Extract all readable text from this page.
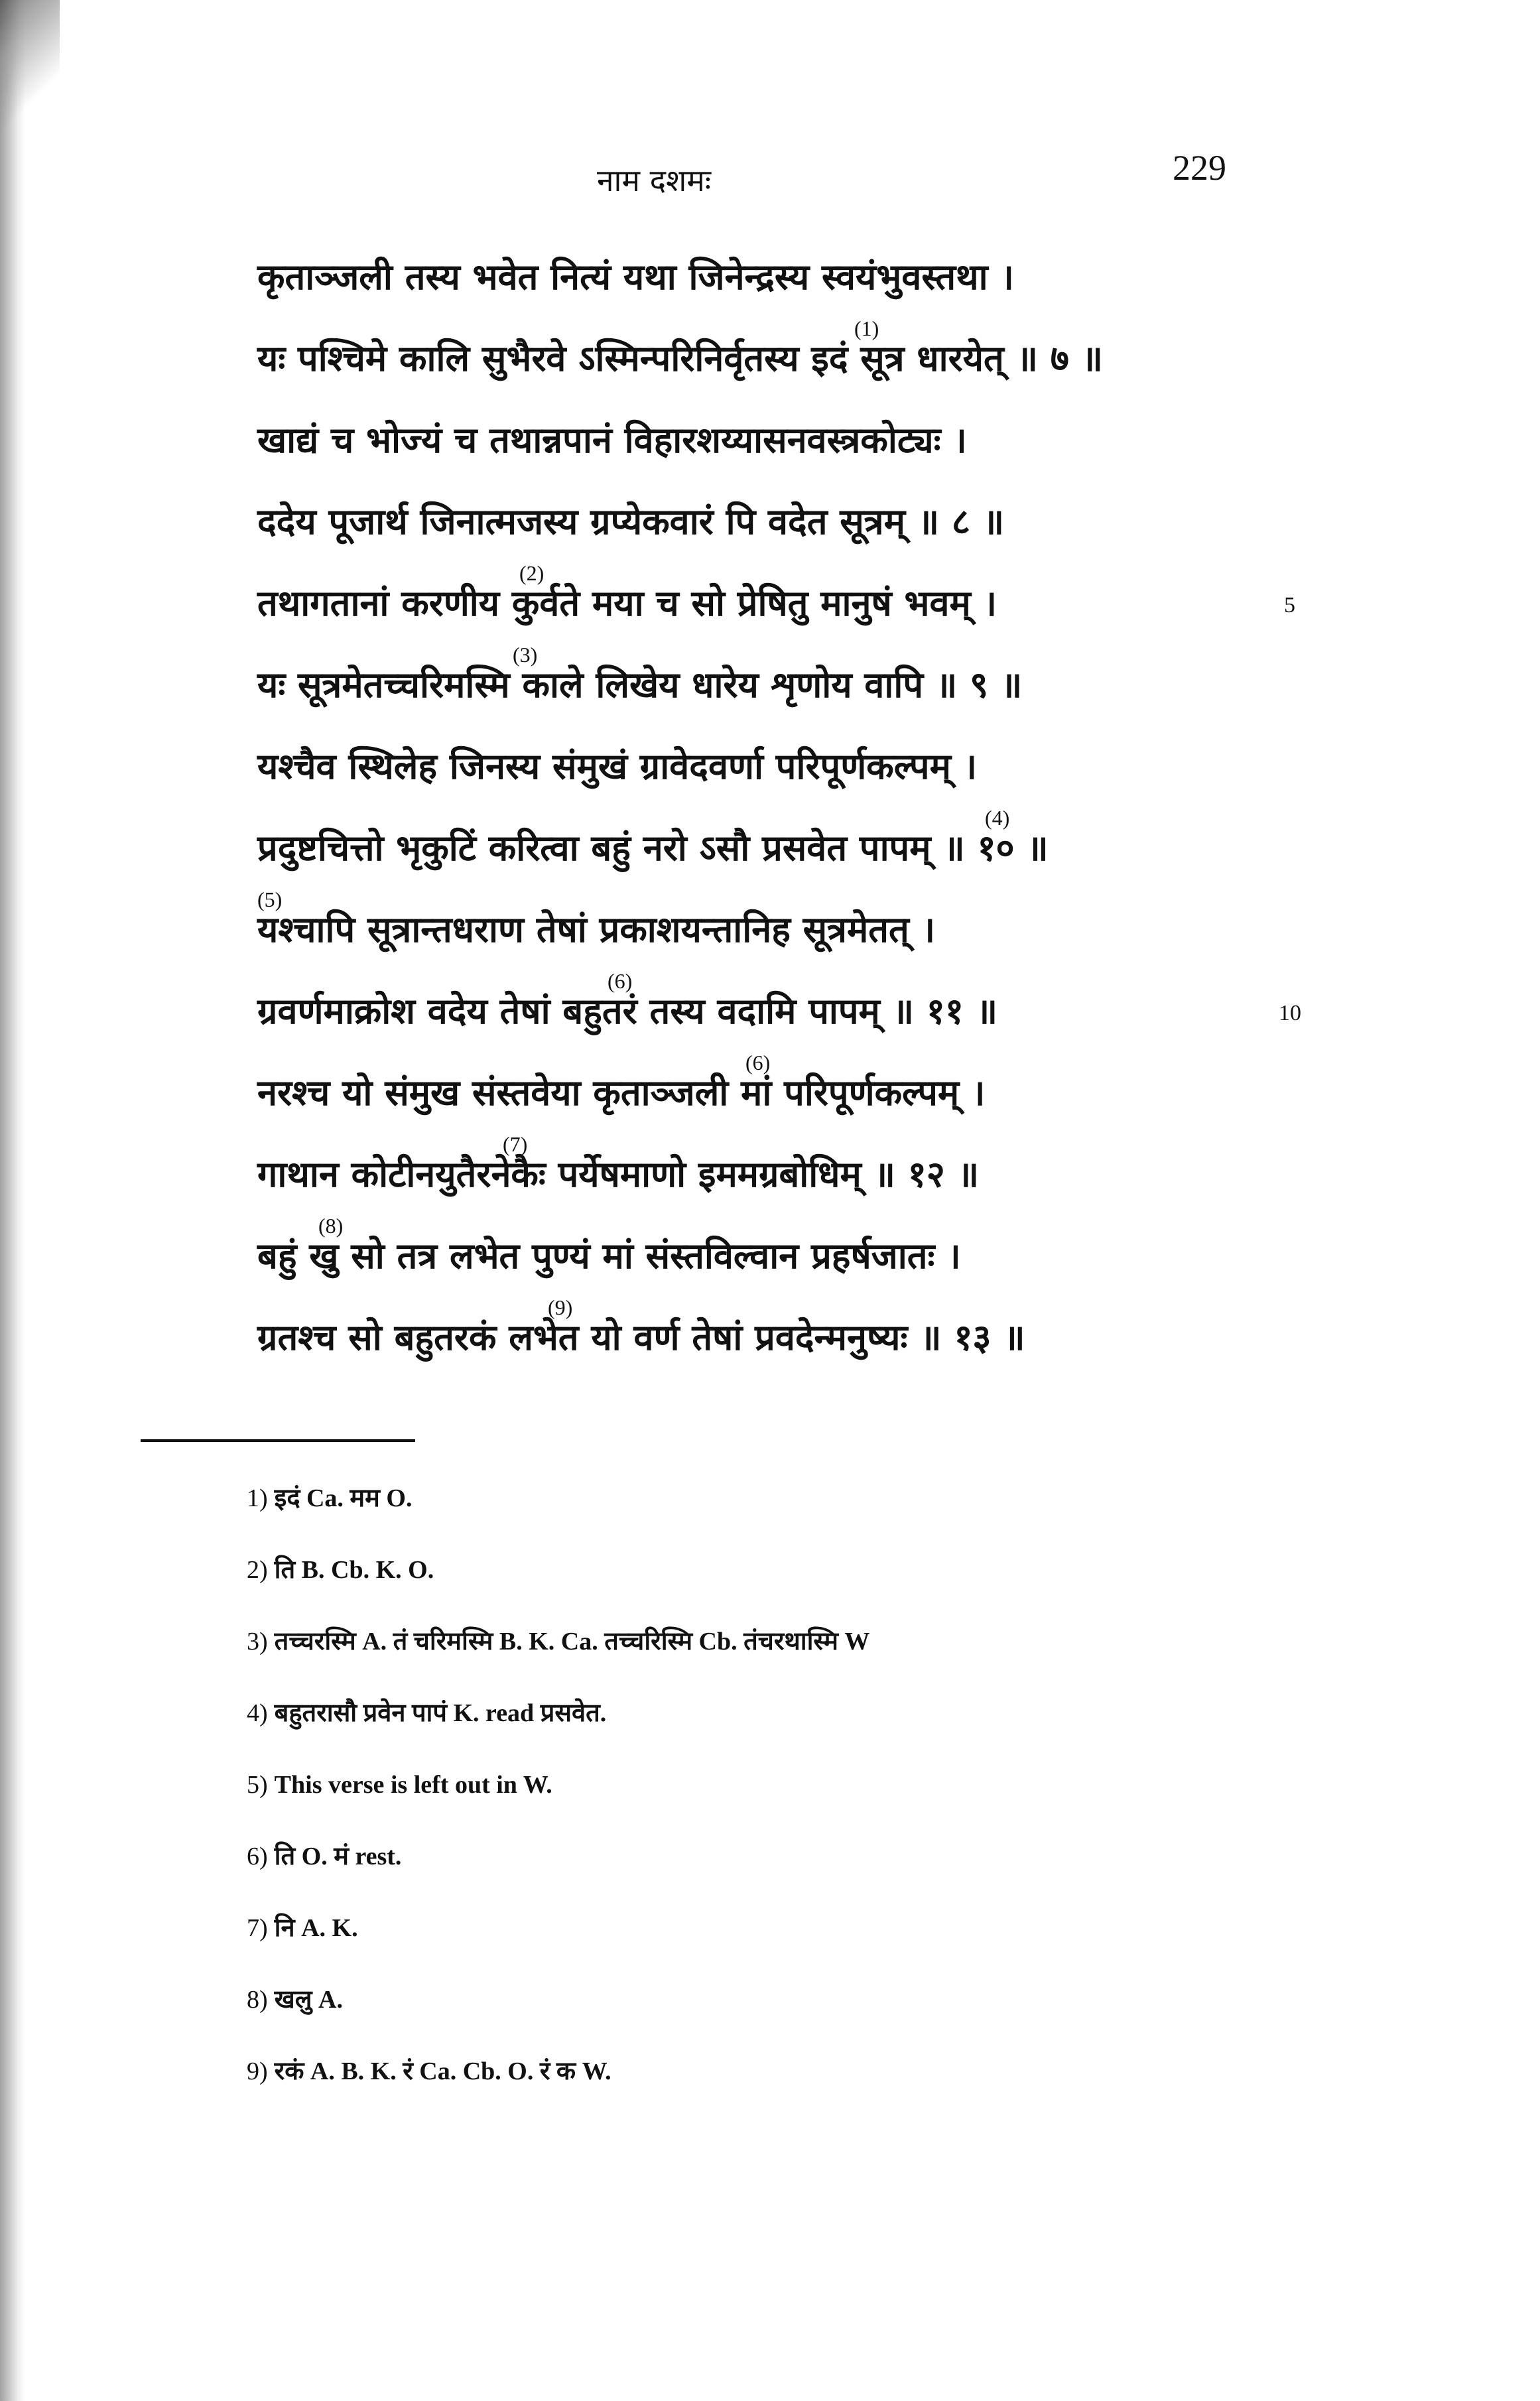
नाम दशमः	229
कृताञ्जली तस्य भवेत नित्यं यथा जिनेन्द्रस्य स्वयंभुवस्तथा ।
यः पश्चिमे कालि सुभैरवे ऽस्मिन्परिनिर्वृतस्य इदं सूत्र धारयेत् ॥ ७ ॥
(1)
खाद्यं च भोज्यं च तथान्नपानं विहारशय्यासनवस्त्रकोट्यः ।
ददेय पूजार्थ जिनात्मजस्य ग्रप्येकवारं पि वदेत सूत्रम् ॥ ८ ॥
तथागतानां करणीय कुर्वते मया च सो प्रेषितु मानुषं भवम् ।
(2)
5
यः सूत्रमेतच्चरिमस्मि काले लिखेय धारेय शृणोय वापि ॥ ९ ॥
(3)
यश्चैव स्थिलेह जिनस्य संमुखं ग्रावेदवर्णा परिपूर्णकल्पम् ।
प्रदुष्टचित्तो भृकुटिं करित्वा बहुं नरो ऽसौ प्रसवेत पापम् ॥ १० ॥
(4)
यश्चापि सूत्रान्तधराण तेषां प्रकाशयन्तानिह सूत्रमेतत् ।
(5)
ग्रवर्णमाक्रोश वदेय तेषां बहुतरं तस्य वदामि पापम् ॥ ११ ॥
(6)
10
नरश्च यो संमुख संस्तवेया कृताञ्जली मां परिपूर्णकल्पम् ।
(6)
गाथान कोटीनयुतैरनेकैः पर्येषमाणो इममग्रबोधिम् ॥ १२ ॥
(7)
बहुं खु सो तत्र लभेत पुण्यं मां संस्तविल्वान प्रहर्षजातः ।
(8)
ग्रतश्च सो बहुतरकं लभेत यो वर्ण तेषां प्रवदेन्मनुष्यः ॥ १३ ॥
(9)
1) इदं Ca. मम O.
2) ति B. Cb. K. O.
3) तच्चरस्मि A. तं चरिमस्मि B. K. Ca. तच्चरिस्मि Cb. तंचरथास्मि W
4) बहुतरासौ प्रवेन पापं K. read प्रसवेत.
5) This verse is left out in W.
6) ति O. मं rest.
7) नि A. K.
8) खलु A.
9) रकं A. B. K. रं Ca. Cb. O. रं क W.
